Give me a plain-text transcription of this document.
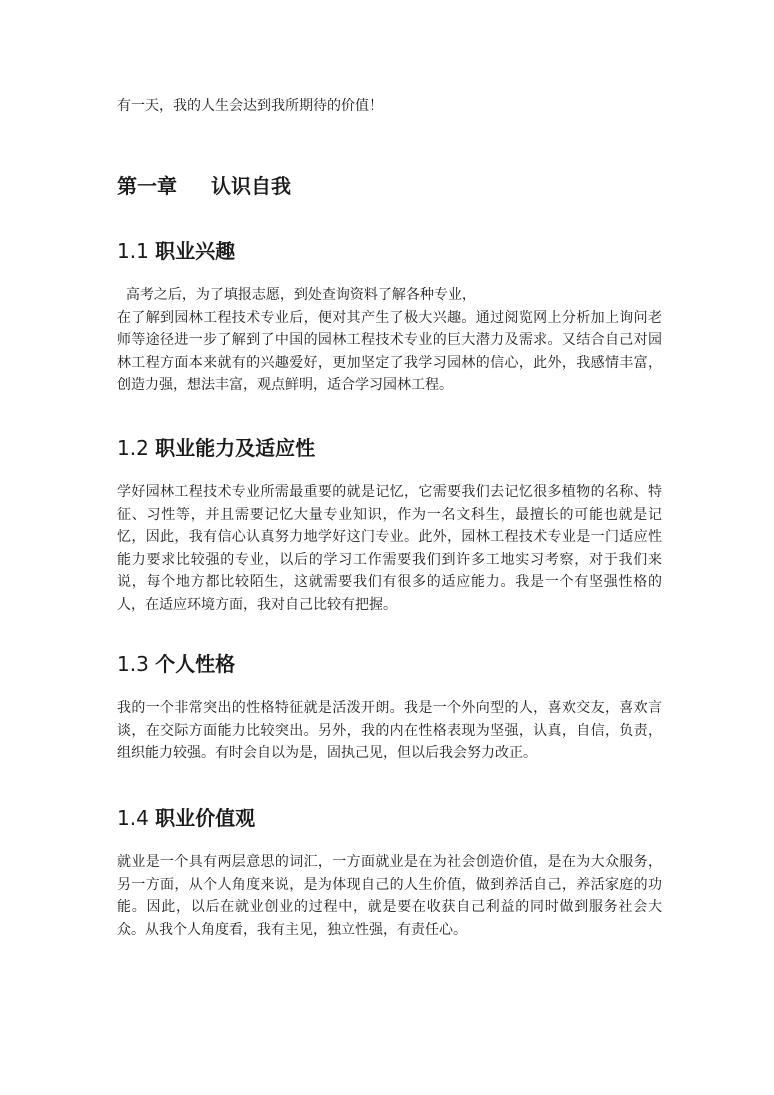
有一天，我的人生会达到我所期待的价值！

第一章 认识自我
1.1 职业兴趣

高考之后，为了填报志愿，到处查询资料了解各种专业，

在了解到园林工程技术专业后，便对其产生了极大兴趣。通过阅览网上分析加上询问老师等途径进一步了解到了中国的园林工程技术专业的巨大潜力及需求。又结合自己对园林工程方面本来就有的兴趣爱好，更加坚定了我学习园林的信心，此外，我感情丰富，创造力强，想法丰富，观点鲜明，适合学习园林工程。

1.2 职业能力及适应性

学好园林工程技术专业所需最重要的就是记忆，它需要我们去记忆很多植物的名称、特征、习性等，并且需要记忆大量专业知识，作为一名文科生，最擅长的可能也就是记忆，因此，我有信心认真努力地学好这门专业。此外，园林工程技术专业是一门适应性能力要求比较强的专业，以后的学习工作需要我们到许多工地实习考察，对于我们来说，每个地方都比较陌生，这就需要我们有很多的适应能力。我是一个有坚强性格的人，在适应环境方面，我对自己比较有把握。

1.3 个人性格

我的一个非常突出的性格特征就是活泼开朗。我是一个外向型的人，喜欢交友，喜欢言谈，在交际方面能力比较突出。另外，我的内在性格表现为坚强，认真，自信，负责，组织能力较强。有时会自以为是，固执己见，但以后我会努力改正。

1.4 职业价值观

就业是一个具有两层意思的词汇，一方面就业是在为社会创造价值，是在为大众服务，另一方面，从个人角度来说，是为体现自己的人生价值，做到养活自己，养活家庭的功能。因此，以后在就业创业的过程中，就是要在收获自己利益的同时做到服务社会大众。从我个人角度看，我有主见，独立性强，有责任心。
